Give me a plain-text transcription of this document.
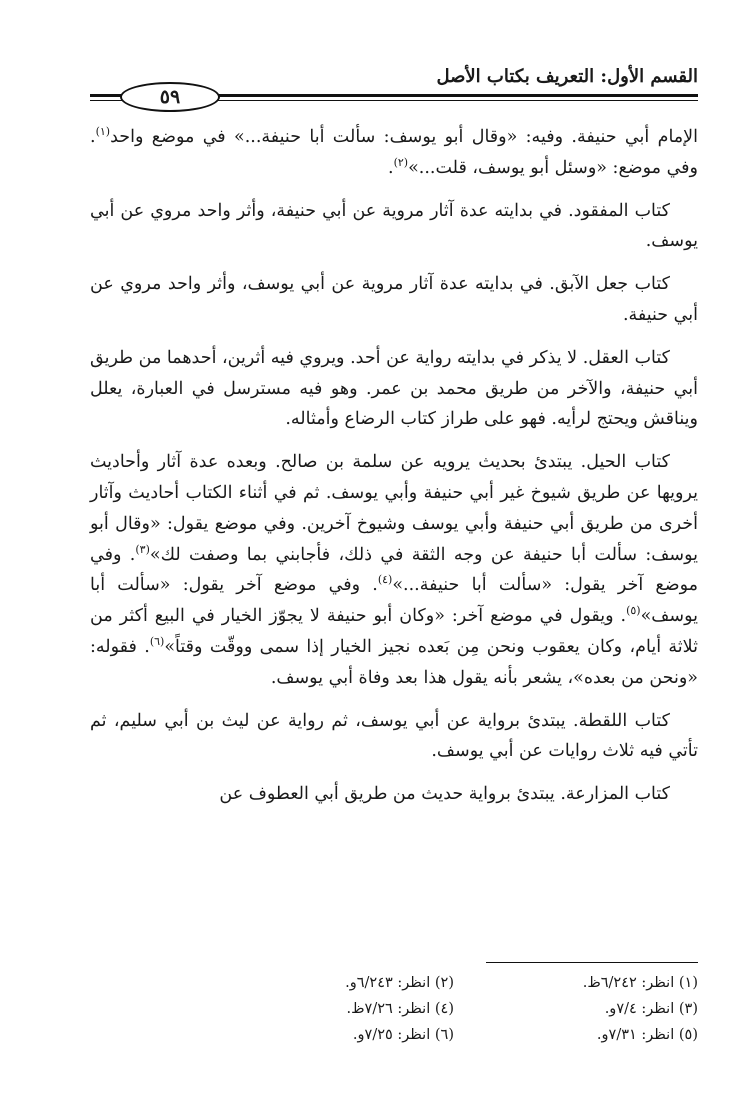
القسم الأول: التعريف بكتاب الأصل
٥٩

الإمام أبي حنيفة. وفيه: «وقال أبو يوسف: سألت أبا حنيفة...» في موضع واحد$^{(١)}$. وفي موضع: «وسئل أبو يوسف، قلت...»$^{(٢)}$.

كتاب المفقود. في بدايته عدة آثار مروية عن أبي حنيفة، وأثر واحد مروي عن أبي يوسف.

كتاب جعل الآبق. في بدايته عدة آثار مروية عن أبي يوسف، وأثر واحد مروي عن أبي حنيفة.

كتاب العقل. لا يذكر في بدايته رواية عن أحد. ويروي فيه أثرين، أحدهما من طريق أبي حنيفة، والآخر من طريق محمد بن عمر. وهو فيه مسترسل في العبارة، يعلل ويناقش ويحتج لرأيه. فهو على طراز كتاب الرضاع وأمثاله.

كتاب الحيل. يبتدئ بحديث يرويه عن سلمة بن صالح. وبعده عدة آثار وأحاديث يرويها عن طريق شيوخ غير أبي حنيفة وأبي يوسف. ثم في أثناء الكتاب أحاديث وآثار أخرى من طريق أبي حنيفة وأبي يوسف وشيوخ آخرين. وفي موضع يقول: «وقال أبو يوسف: سألت أبا حنيفة عن وجه الثقة في ذلك، فأجابني بما وصفت لك»$^{(٣)}$. وفي موضع آخر يقول: «سألت أبا حنيفة...»$^{(٤)}$. وفي موضع آخر يقول: «سألت أبا يوسف»$^{(٥)}$. ويقول في موضع آخر: «وكان أبو حنيفة لا يجوّز الخيار في البيع أكثر من ثلاثة أيام، وكان يعقوب ونحن مِن بَعده نجيز الخيار إذا سمى ووقّت وقتاً»$^{(٦)}$. فقوله: «ونحن من بعده»، يشعر بأنه يقول هذا بعد وفاة أبي يوسف.

كتاب اللقطة. يبتدئ برواية عن أبي يوسف، ثم رواية عن ليث بن أبي سليم، ثم تأتي فيه ثلاث روايات عن أبي يوسف.

كتاب المزارعة. يبتدئ برواية حديث من طريق أبي العطوف عن

(١) انظر: ٦/٢٤٢ظ.
(٢) انظر: ٦/٢٤٣و.
(٣) انظر: ٧/٤و.
(٤) انظر: ٧/٢٦ظ.
(٥) انظر: ٧/٣١و.
(٦) انظر: ٧/٢٥و.
